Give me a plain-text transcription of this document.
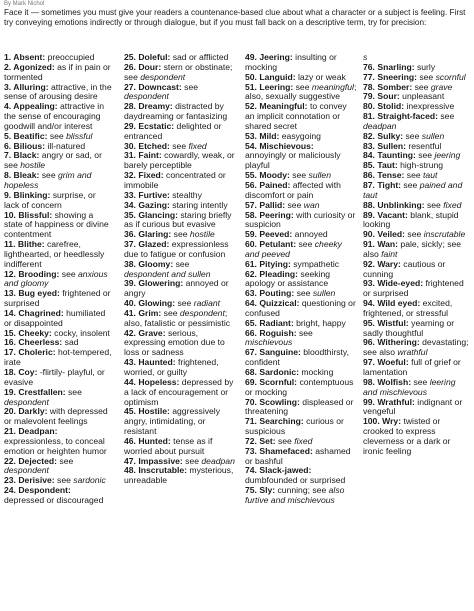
By Mark Nichol
Face it — sometimes you must give your readers a countenance-based clue about what a character or a subject is feeling. First try conveying emotions indirectly or through dialogue, but if you must fall back on a descriptive term, try for precision:

1. Absent: preoccupied

2. Agonized: as if in pain or tormented

3. Alluring: attractive, in the sense of arousing desire

4. Appealing: attractive in the sense of encouraging goodwill and/or interest

5. Beatific: see blissful

6. Bilious: ill-natured

7. Black: angry or sad, or see hostile

8. Bleak: see grim and hopeless

9. Blinking: surprise, or lack of concern

10. Blissful: showing a state of happiness or divine contentment

11. Blithe: carefree, lighthearted, or heedlessly indifferent

12. Brooding: see anxious and gloomy

13. Bug eyed: frightened or surprised

14. Chagrined: humiliated or disappointed

15. Cheeky: cocky, insolent

16. Cheerless: sad

17. Choleric: hot-tempered, irate

18. Coy: -flirtily- playful, or evasive

19. Crestfallen: see despondent

20. Darkly: with depressed or malevolent feelings

21. Deadpan: expressionless, to conceal emotion or heighten humor

22. Dejected: see despondent

23. Derisive: see sardonic

24. Despondent: depressed or discouraged

25. Doleful: sad or afflicted

26. Dour: stern or obstinate; see despondent

27. Downcast: see despondent

28. Dreamy: distracted by daydreaming or fantasizing

29. Ecstatic: delighted or entranced

30. Etched: see fixed

31. Faint: cowardly, weak, or barely perceptible

32. Fixed: concentrated or immobile

33. Furtive: stealthy

34. Gazing: staring intently

35. Glancing: staring briefly as if curious but evasive

36. Glaring: see hostile

37. Glazed: expressionless due to fatigue or confusion

38. Gloomy: see despondent and sullen

39. Glowering: annoyed or angry

40. Glowing: see radiant

41. Grim: see despondent; also, fatalistic or pessimistic

42. Grave: serious, expressing emotion due to loss or sadness

43. Haunted: frightened, worried, or guilty

44. Hopeless: depressed by a lack of encouragement or optimism

45. Hostile: aggressively angry, intimidating, or resistant

46. Hunted: tense as if worried about pursuit

47. Impassive: see deadpan

48. Inscrutable: mysterious, unreadable

49. Jeering: insulting or mocking

50. Languid: lazy or weak

51. Leering: see meaningful; also, sexually suggestive

52. Meaningful: to convey an implicit connotation or shared secret

53. Mild: easygoing

54. Mischievous: annoyingly or maliciously playful

55. Moody: see sullen

56. Pained: affected with discomfort or pain

57. Pallid: see wan

58. Peering: with curiosity or suspicion

59. Peeved: annoyed

60. Petulant: see cheeky and peeved

61. Pitying: sympathetic

62. Pleading: seeking apology or assistance

63. Pouting: see sullen

64. Quizzical: questioning or confused

65. Radiant: bright, happy

66. Roguish: see mischievous

67. Sanguine: bloodthirsty, confident

68. Sardonic: mocking

69. Scornful: contemptuous or mocking

70. Scowling: displeased or threatening

71. Searching: curious or suspicious

72. Set: see fixed

73. Shamefaced: ashamed or bashful

74. Slack-jawed: dumbfounded or surprised

75. Sly: cunning; see also furtive and mischievous

s

76. Snarling: surly

77. Sneering: see scornful

78. Somber: see grave

79. Sour: unpleasant

80. Stolid: inexpressive

81. Straight-faced: see deadpan

82. Sulky: see sullen

83. Sullen: resentful

84. Taunting: see jeering

85. Taut: high-strung

86. Tense: see taut

87. Tight: see pained and taut

88. Unblinking: see fixed

89. Vacant: blank, stupid looking

90. Veiled: see inscrutable

91. Wan: pale, sickly; see also faint

92. Wary: cautious or cunning

93. Wide-eyed: frightened or surprised

94. Wild eyed: excited, frightened, or stressful

95. Wistful: yearning or sadly thoughtful

96. Withering: devastating; see also wrathful

97. Woeful: full of grief or lamentation

98. Wolfish: see leering and mischievous

99. Wrathful: indignant or vengeful

100. Wry: twisted or crooked to express cleverness or a dark or ironic feeling
